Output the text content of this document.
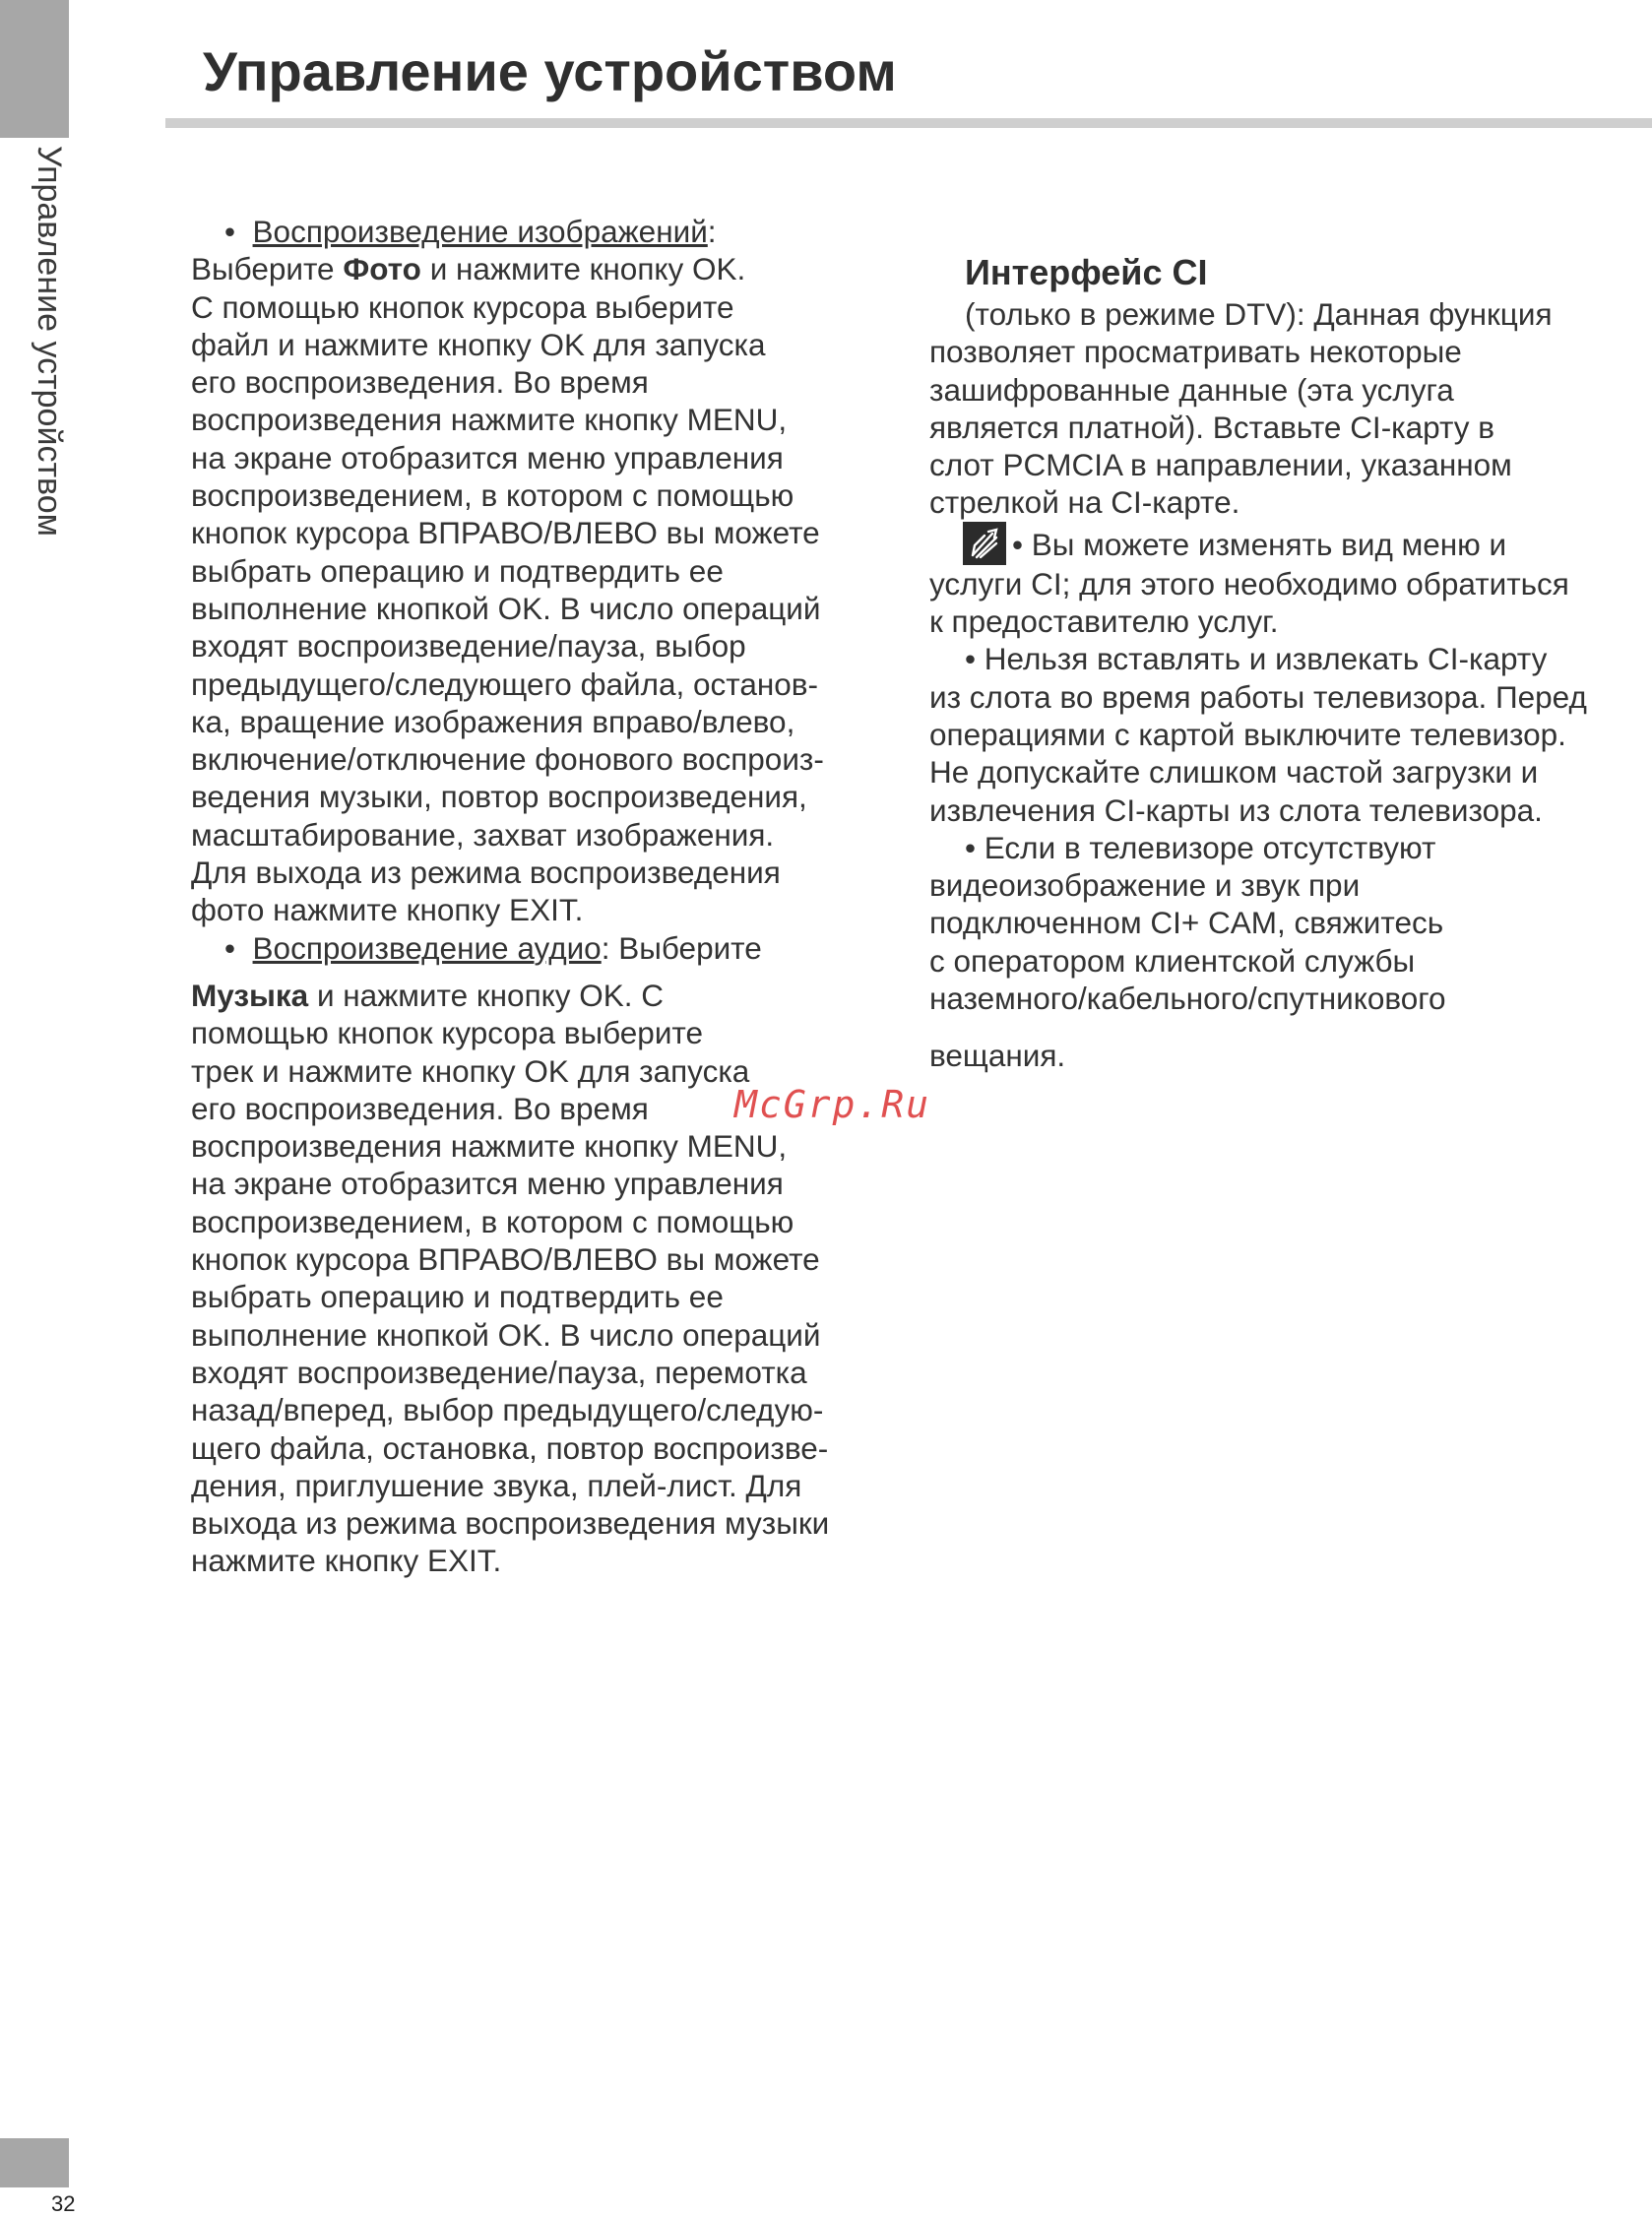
Управление устройством
Управление устройством
• Воспроизведение изображений:
Выберите Фото и нажмите кнопку OK.
С помощью кнопок курсора выберите
файл и нажмите кнопку OK для запуска
его воспроизведения. Во время
воспроизведения нажмите кнопку MENU,
на экране отобразится меню управления
воспроизведением, в котором с помощью
кнопок курсора ВПРАВО/ВЛЕВО вы можете
выбрать операцию и подтвердить ее
выполнение кнопкой OK. В число операций
входят воспроизведение/пауза, выбор
предыдущего/следующего файла, останов-
ка, вращение изображения вправо/влево,
включение/отключение фонового воспроиз-
ведения музыки, повтор воспроизведения,
масштабирование, захват изображения.
Для выхода из режима воспроизведения
фото нажмите кнопку EXIT.
• Воспроизведение аудио: Выберите
Музыка и нажмите кнопку OK. С
помощью кнопок курсора выберите
трек и нажмите кнопку OK для запуска
его воспроизведения. Во время
воспроизведения нажмите кнопку MENU,
на экране отобразится меню управления
воспроизведением, в котором с помощью
кнопок курсора ВПРАВО/ВЛЕВО вы можете
выбрать операцию и подтвердить ее
выполнение кнопкой OK. В число операций
входят воспроизведение/пауза, перемотка
назад/вперед, выбор предыдущего/следую-
щего файла, остановка, повтор воспроизве-
дения, приглушение звука, плей-лист. Для
выхода из режима воспроизведения музыки
нажмите кнопку EXIT.
Интерфейс CI
(только в режиме DTV): Данная функция
позволяет просматривать некоторые
зашифрованные данные (эта услуга
является платной). Вставьте CI-карту в
слот PCMCIA в направлении, указанном
стрелкой на CI-карте.
• Вы можете изменять вид меню и
услуги CI; для этого необходимо обратиться
к предоставителю услуг.
• Нельзя вставлять и извлекать CI-карту
из слота во время работы телевизора. Перед
операциями с картой выключите телевизор.
Не допускайте слишком частой загрузки и
извлечения CI-карты из слота телевизора.
• Если в телевизоре отсутствуют
видеоизображение и звук при
подключенном CI+ CAM, свяжитесь
с оператором клиентской службы
наземного/кабельного/спутникового
вещания.
McGrp.Ru
32
